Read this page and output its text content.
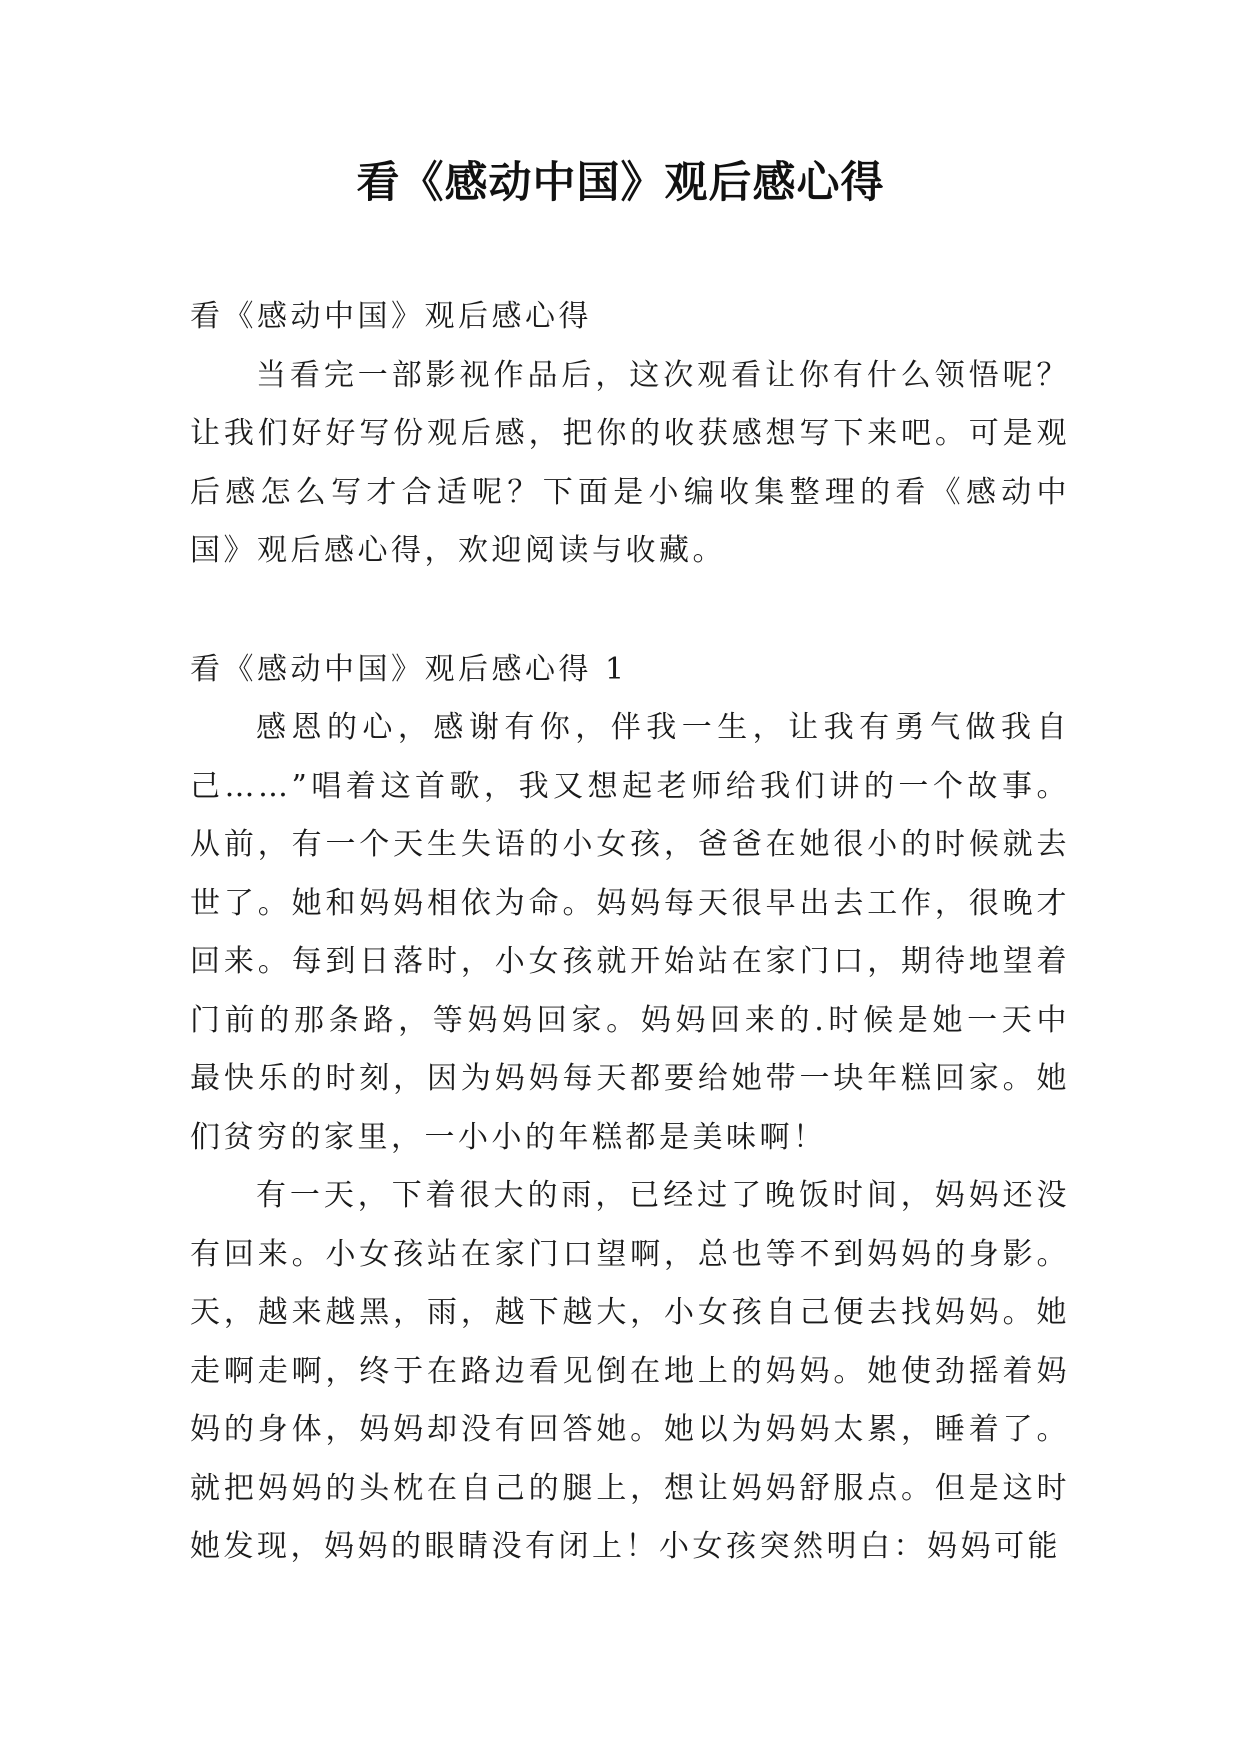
看《感动中国》观后感心得

看《感动中国》观后感心得

当看完一部影视作品后，这次观看让你有什么领悟呢？让我们好好写份观后感，把你的收获感想写下来吧。可是观后感怎么写才合适呢？下面是小编收集整理的看《感动中国》观后感心得，欢迎阅读与收藏。

看《感动中国》观后感心得 1

感恩的心，感谢有你，伴我一生，让我有勇气做我自己……”唱着这首歌，我又想起老师给我们讲的一个故事。从前，有一个天生失语的小女孩，爸爸在她很小的时候就去世了。她和妈妈相依为命。妈妈每天很早出去工作，很晚才回来。每到日落时，小女孩就开始站在家门口，期待地望着门前的那条路，等妈妈回家。妈妈回来的.时候是她一天中最快乐的时刻，因为妈妈每天都要给她带一块年糕回家。她们贫穷的家里，一小小的年糕都是美味啊！

有一天，下着很大的雨，已经过了晚饭时间，妈妈还没有回来。小女孩站在家门口望啊，总也等不到妈妈的身影。天，越来越黑，雨，越下越大，小女孩自己便去找妈妈。她走啊走啊，终于在路边看见倒在地上的妈妈。她使劲摇着妈妈的身体，妈妈却没有回答她。她以为妈妈太累，睡着了。就把妈妈的头枕在自己的腿上，想让妈妈舒服点。但是这时她发现，妈妈的眼睛没有闭上！小女孩突然明白：妈妈可能
